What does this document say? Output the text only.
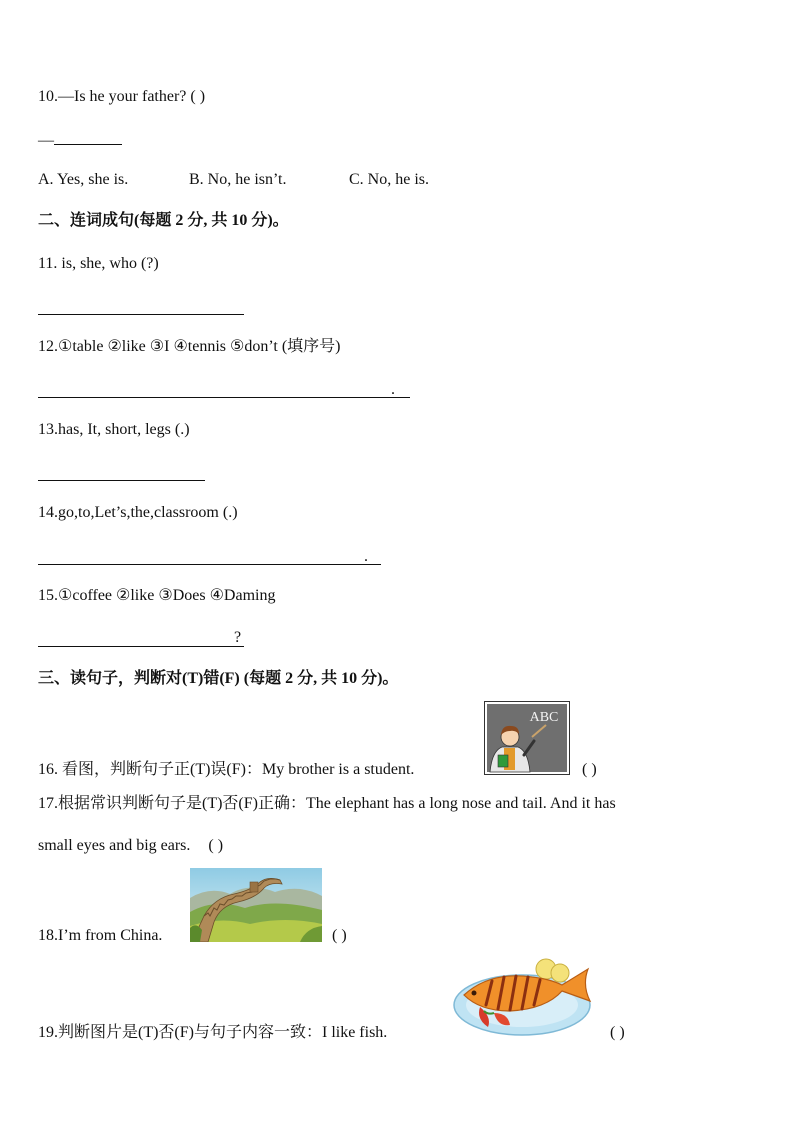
10.—Is he your father? ( )
—
A. Yes, she is.	B. No, he isn’t.	C. No, he is.
二、连词成句(每题 2 分, 共 10 分)。
11. is, she, who (?)
12.①table ②like ③I ④tennis ⑤don’t (填序号)
.
13.has, It, short, legs (.)
14.go,to,Let’s,the,classroom (.)
.
15.①coffee ②like ③Does ④Daming
?
三、读句子，判断对(T)错(F) (每题 2 分, 共 10 分)。
16. 看图，判断句子正(T)误(F)：My brother is a student.
ABC
( )
17.根据常识判断句子是(T)否(F)正确：The elephant has a long nose and tail. And it has
small eyes and big ears. ( )
18.I’m from China.	( )
19.判断图片是(T)否(F)与句子内容一致：I like fish.	( )
